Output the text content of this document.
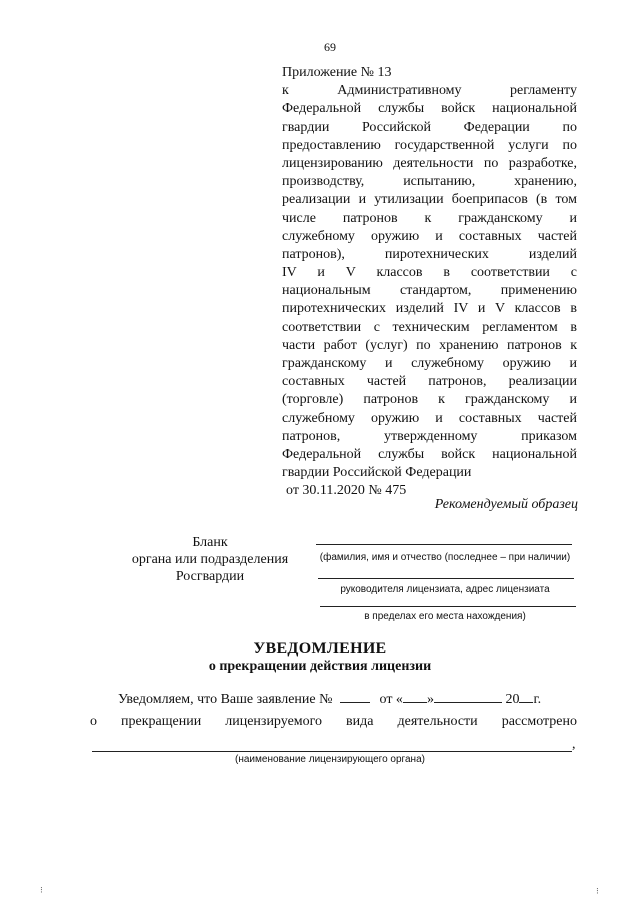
69
Приложение № 13
к Административному регламенту
Федеральной службы войск национальной
гвардии Российской Федерации по
предоставлению государственной услуги по
лицензированию деятельности по разработке,
производству, испытанию, хранению,
реализации и утилизации боеприпасов (в том
числе патронов к гражданскому и
служебному оружию и составных частей
патронов), пиротехнических изделий
IV и V классов в соответствии с
национальным стандартом, применению
пиротехнических изделий IV и V классов в
соответствии с техническим регламентом в
части работ (услуг) по хранению патронов к
гражданскому и служебному оружию и
составных частей патронов, реализации
(торговле) патронов к гражданскому и
служебному оружию и составных частей
патронов, утвержденному приказом
Федеральной службы войск национальной
гвардии Российской Федерации
от 30.11.2020 № 475
Рекомендуемый образец
Бланк
органа или подразделения
Росгвардии
(фамилия, имя и отчество (последнее – при наличии)
руководителя лицензиата, адрес лицензиата
в пределах его места нахождения)
УВЕДОМЛЕНИЕ
о прекращении действия лицензии
Уведомляем, что Ваше заявление №	от « »	20 г.
о прекращении лицензируемого вида деятельности рассмотрено
,
(наименование лицензирующего органа)
⁝	⁝
